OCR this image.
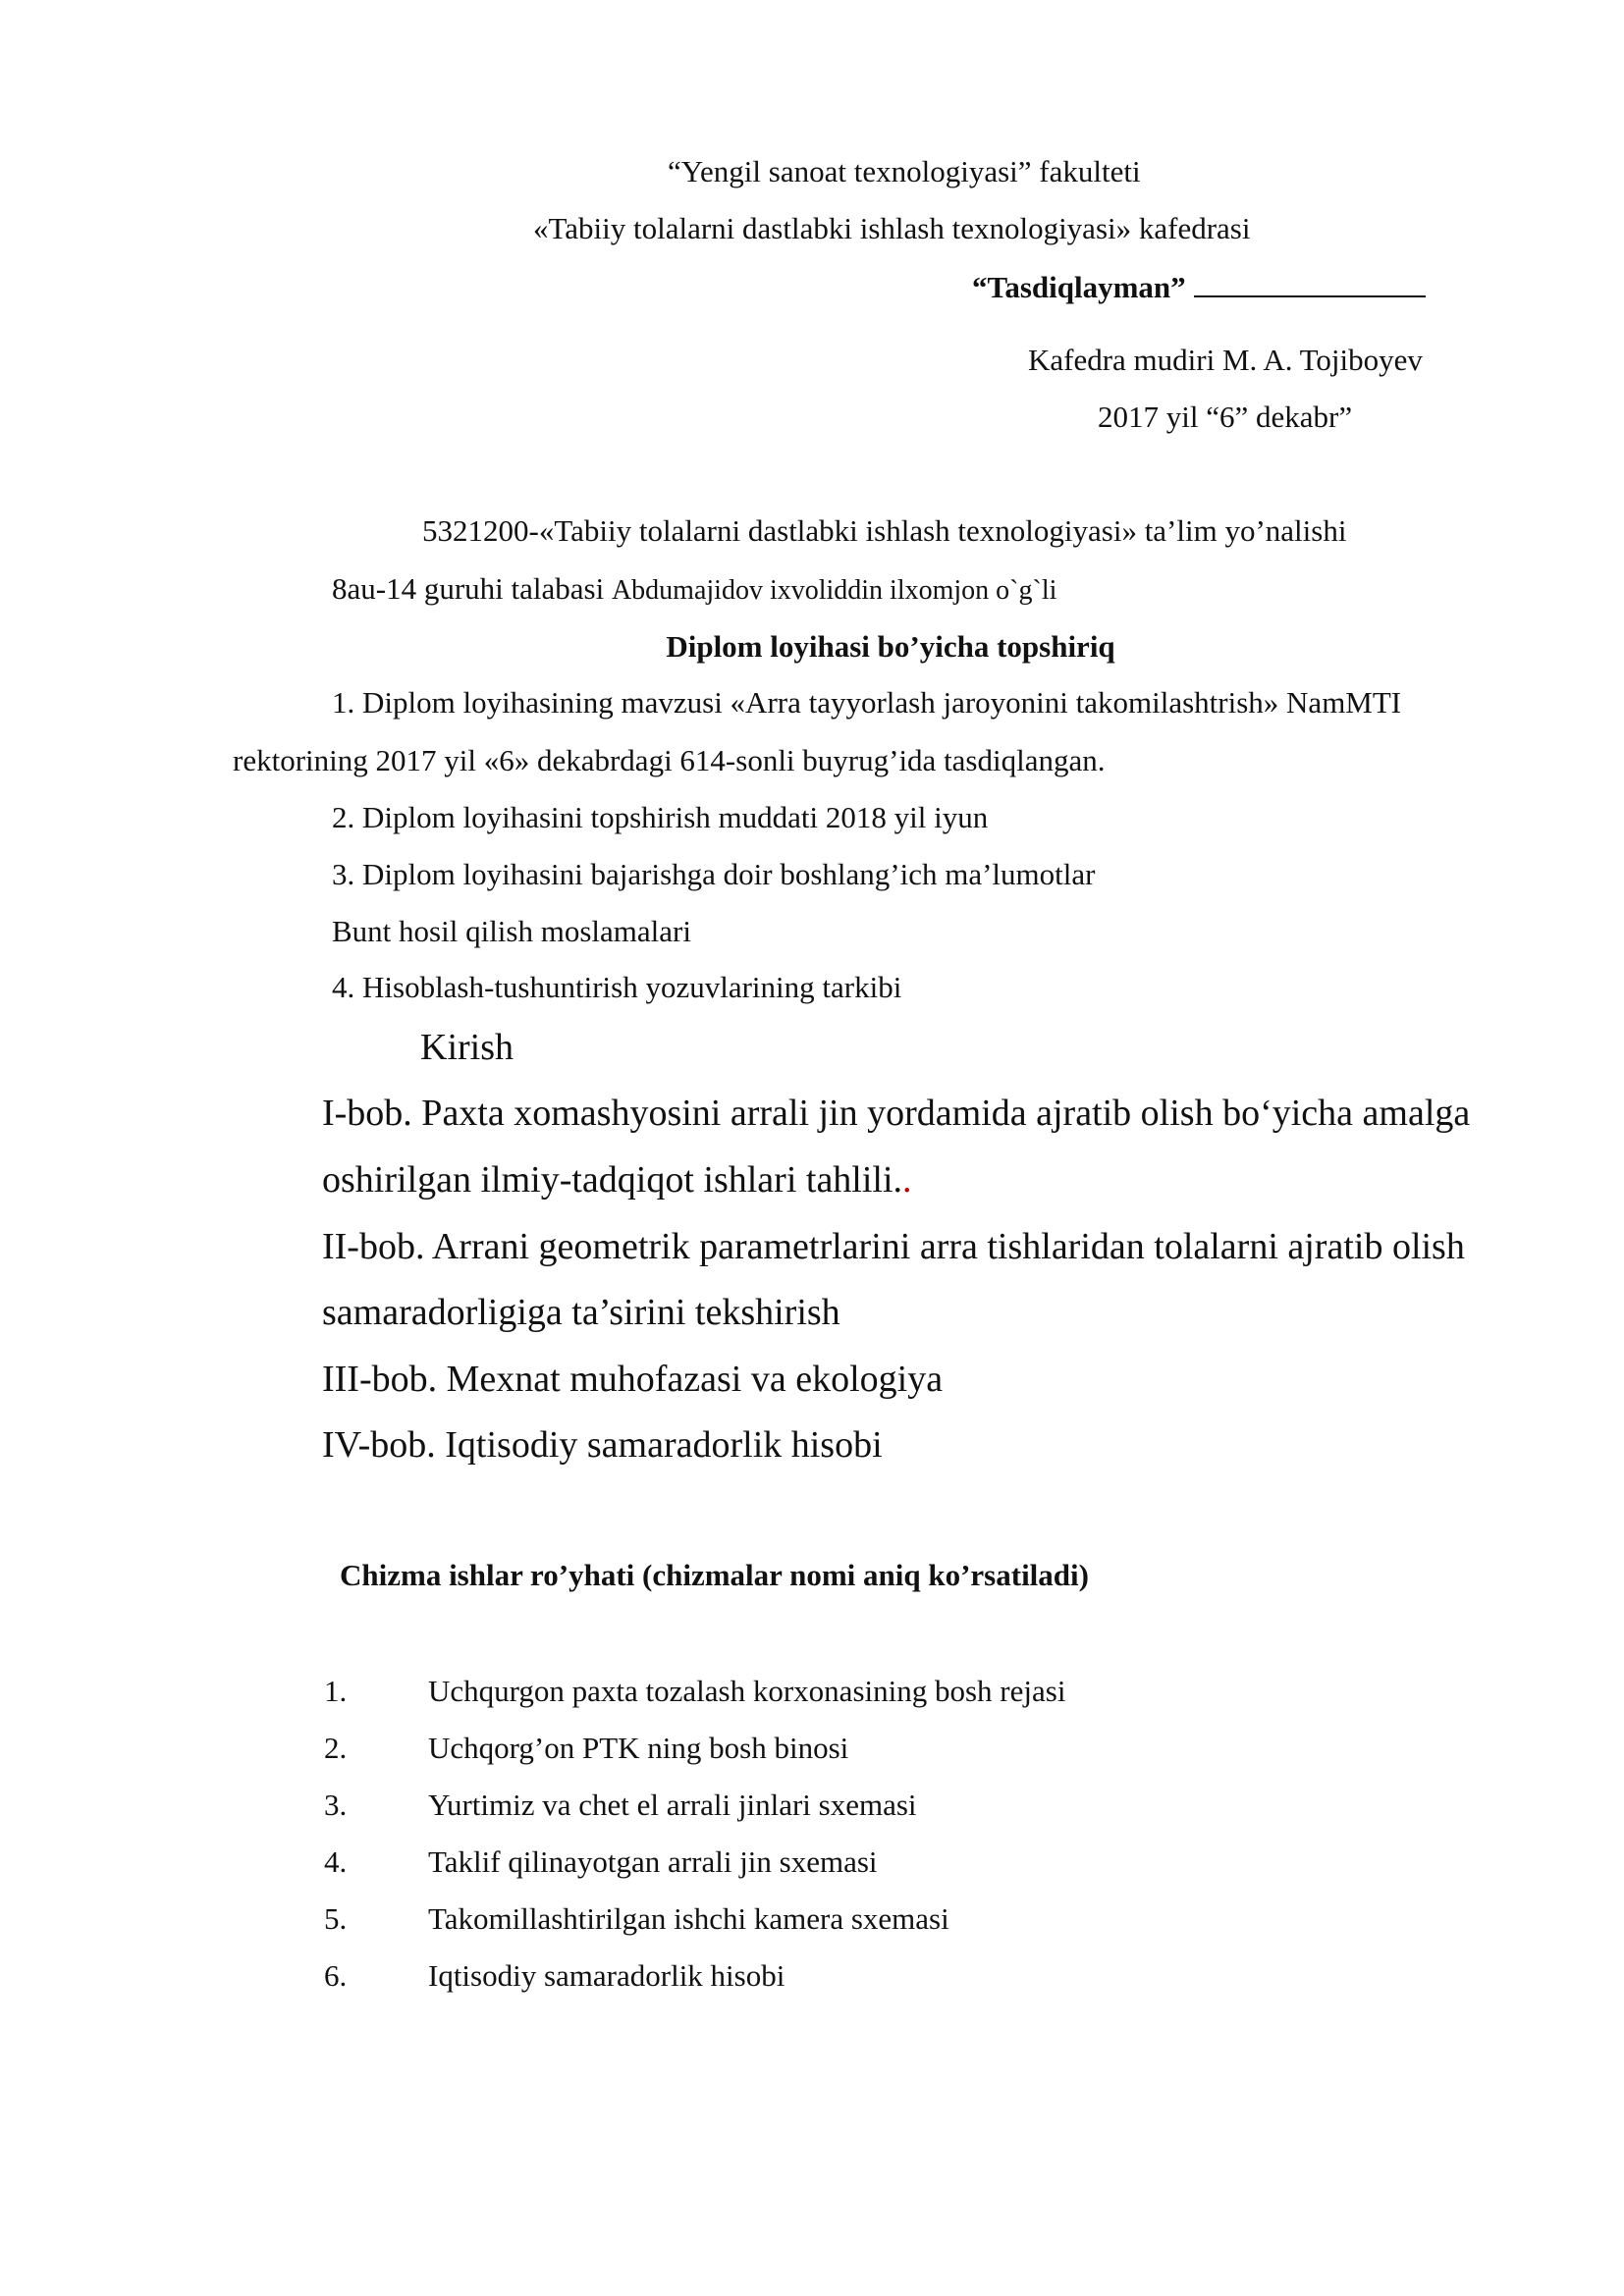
“Yengil sanoat texnologiyasi” fakulteti
«Tabiiy tolalarni dastlabki ishlash texnologiyasi» kafedrasi
“Tasdiqlayman”
Kafedra mudiri M. A. Tojiboyev
2017 yil “6” dekabr”
5321200-«Tabiiy tolalarni dastlabki ishlash texnologiyasi» ta’lim yo’nalishi
8au-14 guruhi talabasi Abdumajidov ixvoliddin ilxomjon o`g`li
Diplom loyihasi bo’yicha topshiriq
1. Diplom loyihasining mavzusi «Arra tayyorlash jaroyonini takomilashtrish» NamMTI
rektorining 2017 yil «6» dekabrdagi 614-sonli buyrug’ida tasdiqlangan.
2. Diplom loyihasini topshirish muddati 2018 yil iyun
3. Diplom loyihasini bajarishga doir boshlang’ich ma’lumotlar
Bunt hosil qilish moslamalari
4. Hisoblash-tushuntirish yozuvlarining tarkibi
Kirish
I-bob. Paxta xomashyosini arrali jin yordamida ajratib olish bo‘yicha amalga
oshirilgan ilmiy-tadqiqot ishlari tahlili..
II-bob. Arrani geometrik parametrlarini arra tishlaridan tolalarni ajratib olish
samaradorligiga ta’sirini tekshirish
III-bob. Mexnat muhofazasi va ekologiya
IV-bob. Iqtisodiy samaradorlik hisobi
Chizma ishlar ro’yhati (chizmalar nomi aniq ko’rsatiladi)
1.	Uchqurgon paxta tozalash korxonasining bosh rejasi
2.	Uchqorg’on PTK ning bosh binosi
3.	Yurtimiz va chet el arrali jinlari sxemasi
4.	Taklif qilinayotgan arrali jin sxemasi
5.	Takomillashtirilgan ishchi kamera sxemasi
6.	Iqtisodiy samaradorlik hisobi
